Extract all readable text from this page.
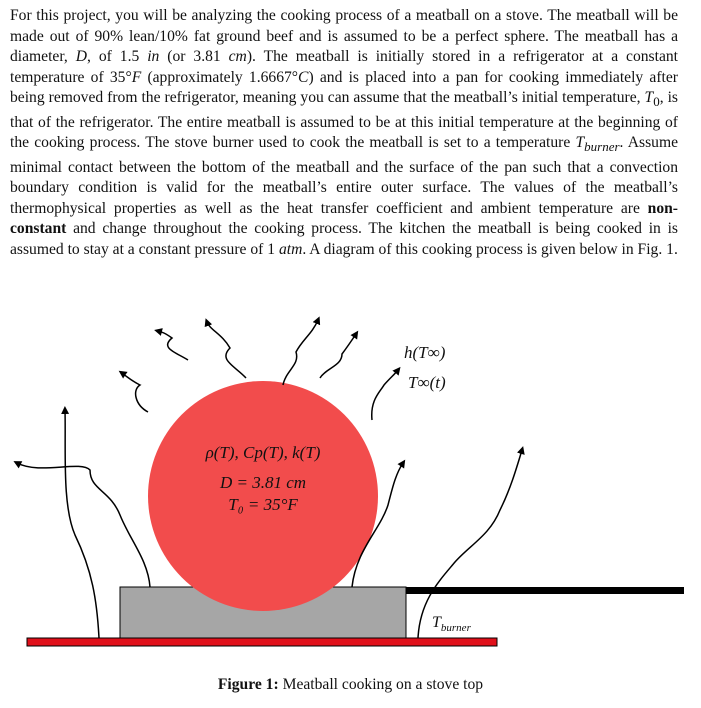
For this project, you will be analyzing the cooking process of a meatball on a stove. The meatball will be made out of 90% lean/10% fat ground beef and is assumed to be a perfect sphere. The meatball has a diameter, D, of 1.5 in (or 3.81 cm). The meatball is initially stored in a refrigerator at a constant temperature of 35°F (approximately 1.6667°C) and is placed into a pan for cooking immediately after being removed from the refrigerator, meaning you can assume that the meatball’s initial temperature, $T_0$, is that of the refrigerator. The entire meatball is assumed to be at this initial temperature at the beginning of the cooking process. The stove burner used to cook the meatball is set to a temperature $T_{burner}$. Assume minimal contact between the bottom of the meatball and the surface of the pan such that a convection boundary condition is valid for the meatball’s entire outer surface. The values of the meatball’s thermophysical properties as well as the heat transfer coefficient and ambient temperature are non-constant and change throughout the cooking process. The kitchen the meatball is being cooked in is assumed to stay at a constant pressure of 1 atm. A diagram of this cooking process is given below in Fig. 1.

ρ(T), Cp(T), k(T)
D = 3.81 cm
T₀ = 35°F
h(T∞)
T∞(t)
$T_{burner}$
Figure 1: Meatball cooking on a stove top
